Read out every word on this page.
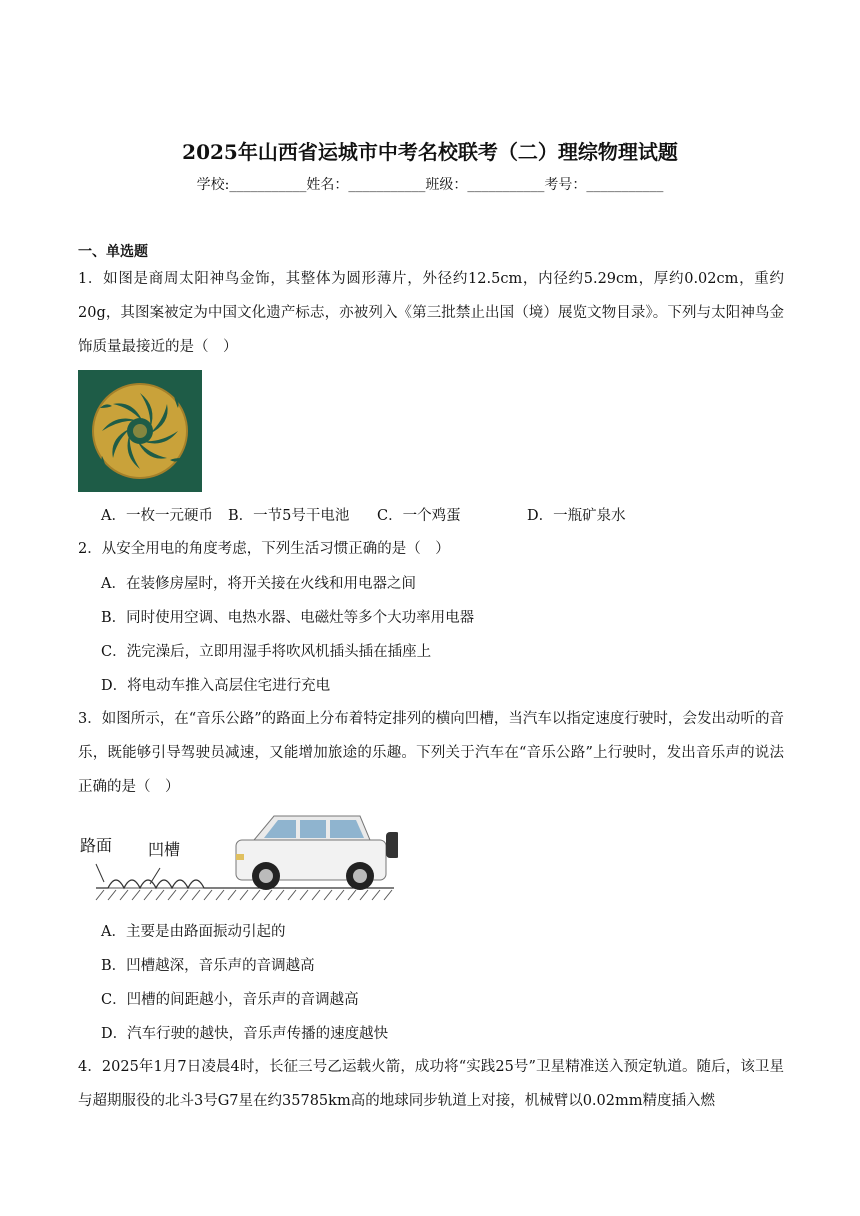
2025年山西省运城市中考名校联考（二）理综物理试题
学校:___________姓名：___________班级：___________考号：___________
一、单选题
1．如图是商周太阳神鸟金饰，其整体为圆形薄片，外径约12.5cm，内径约5.29cm，厚约0.02cm，重约20g，其图案被定为中国文化遗产标志，亦被列入《第三批禁止出国（境）展览文物目录》。下列与太阳神鸟金饰质量最接近的是（　）
A．一枚一元硬币 B．一节5号干电池 C．一个鸡蛋	D．一瓶矿泉水
2．从安全用电的角度考虑，下列生活习惯正确的是（　）
A．在装修房屋时，将开关接在火线和用电器之间
B．同时使用空调、电热水器、电磁灶等多个大功率用电器
C．洗完澡后，立即用湿手将吹风机插头插在插座上
D．将电动车推入高层住宅进行充电
3．如图所示，在“音乐公路”的路面上分布着特定排列的横向凹槽，当汽车以指定速度行驶时，会发出动听的音乐，既能够引导驾驶员减速，又能增加旅途的乐趣。下列关于汽车在“音乐公路”上行驶时，发出音乐声的说法正确的是（　）
路面 凹槽
A．主要是由路面振动引起的
B．凹槽越深，音乐声的音调越高
C．凹槽的间距越小，音乐声的音调越高
D．汽车行驶的越快，音乐声传播的速度越快
4．2025年1月7日凌晨4时，长征三号乙运载火箭，成功将“实践25号”卫星精准送入预定轨道。随后，该卫星与超期服役的北斗3号G7星在约35785km高的地球同步轨道上对接，机械臂以0.02mm精度插入燃
